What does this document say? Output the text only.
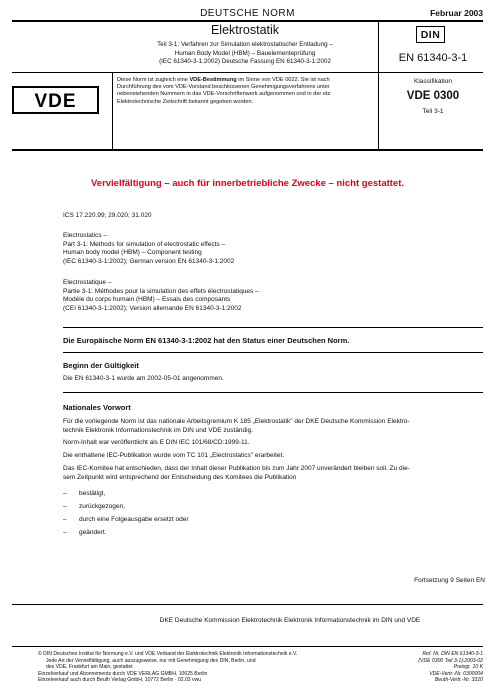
DEUTSCHE NORM	Februar 2003
Elektrostatik
Teil 3-1: Verfahren zur Simulation elektrostatischer Entladung –
Human Body Model (HBM) – Bauelementeprüfung
(IEC 61340-3-1:2002) Deutsche Fassung EN 61340-3-1:2002
DIN
EN 61340-3-1
VDE
Diese Norm ist zugleich eine VDE-Bestimmung im Sinne von VDE 0022. Sie ist nach
Durchführung des vom VDE-Vorstand beschlossenen Genehmigungsverfahrens unter
nebenstehenden Nummern in das VDE-Vorschriftenwerk aufgenommen und in der etz
Elektrotechnische Zeitschrift bekannt gegeben worden.
Klassifikation
VDE 0300
Teil 3-1
Vervielfältigung – auch für innerbetriebliche Zwecke – nicht gestattet.
ICS 17.220.99; 29.020; 31.020
Electrostatics –
Part 3-1: Methods for simulation of electrostatic effects –
Human body model (HBM) – Component testing
(IEC 61340-3-1:2002); German version EN 61340-3-1:2002
Electrostatique –
Partie 3-1: Méthodes pour la simulation des effets électrostatiques –
Modèle du corps humain (HBM) – Essais des composants
(CEI 61340-3-1:2002); Version allemande EN 61340-3-1:2002
Die Europäische Norm EN 61340-3-1:2002 hat den Status einer Deutschen Norm.
Beginn der Gültigkeit
Die EN 61340-3-1 wurde am 2002-05-01 angenommen.
Nationales Vorwort
Für die vorliegende Norm ist das nationale Arbeitsgremium K 185 „Elektrostatik" der DKE Deutsche Kommission Elektro-
technik Elektronik Informationstechnik im DIN und VDE zuständig.
Norm-Inhalt war veröffentlicht als E DIN IEC 101/68/CD:1999-11.
Die enthaltene IEC-Publikation wurde vom TC 101 „Electrostatics" erarbeitet.
Das IEC-Komitee hat entschieden, dass der Inhalt dieser Publikation bis zum Jahr 2007 unverändert bleiben soll. Zu die-
sem Zeitpunkt wird entsprechend der Entscheidung des Komitees die Publikation
– bestätigt,
– zurückgezogen,
– durch eine Folgeausgabe ersetzt oder
– geändert.
Fortsetzung 9 Seiten EN
DKE Deutsche Kommission Elektrotechnik Elektronik Informationstechnik im DIN und VDE
© DIN Deutsches Institut für Normung e.V. und VDE Verband der Elektrotechnik Elektronik Informationstechnik e.V.
Jede Art der Vervielfältigung, auch auszugsweise, nur mit Genehmigung des DIN, Berlin, und
des VDE, Frankfurt am Main, gestattet
Einzelverkauf und Abonnements durch VDE VERLAG GMBH, 10625 Berlin
Einzelverkauf auch durch Beuth Verlag GmbH, 10772 Berlin · 02.03 vwu
Ref. Nr. DIN EN 61340-3-1
(VDE 0300 Teil 3-1):2003-02
Preisgr. 10 K
VDE-Vertr.-Nr. 0300004
Beuth-Vertr.-Nr. 3310
